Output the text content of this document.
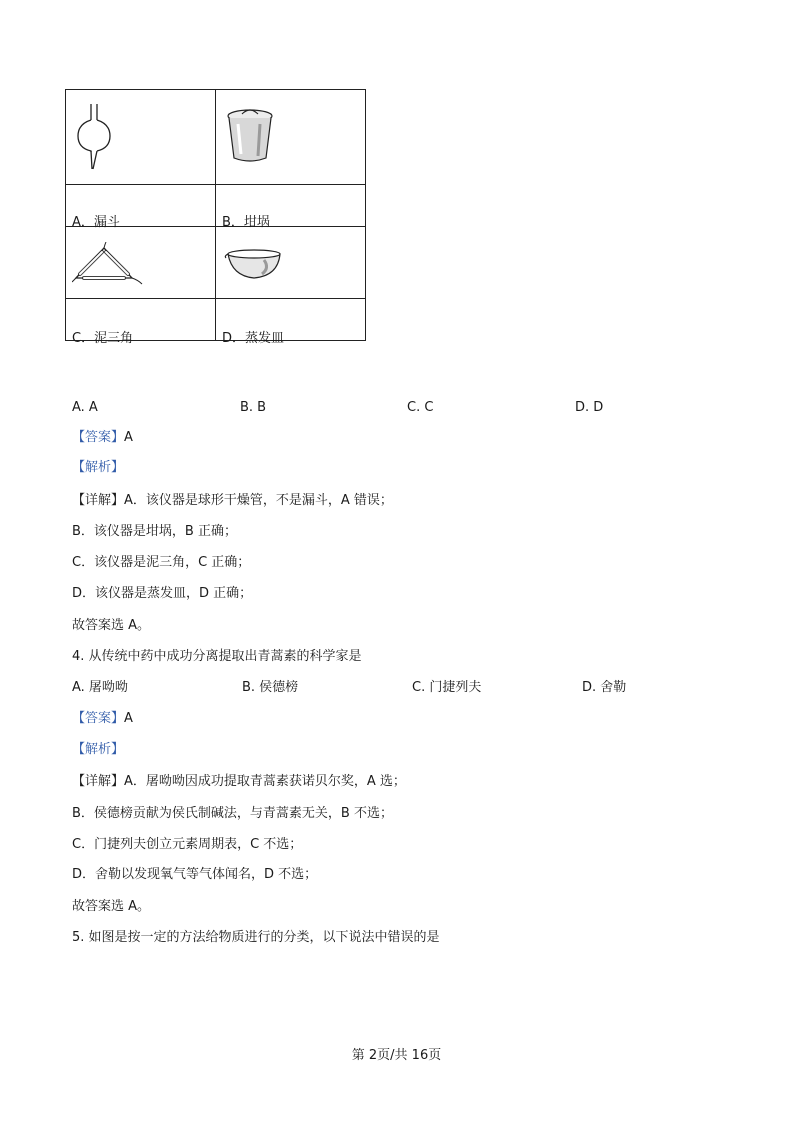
A．漏斗	B．坩埚
C．泥三角	D．蒸发皿
A. A	B. B	C. C	D. D
【答案】A
【解析】
【详解】A．该仪器是球形干燥管，不是漏斗，A 错误；
B．该仪器是坩埚，B 正确；
C．该仪器是泥三角，C 正确；
D．该仪器是蒸发皿，D 正确；
故答案选 A。
4. 从传统中药中成功分离提取出青蒿素的科学家是
A. 屠呦呦	B. 侯德榜	C. 门捷列夫	D. 舍勒
【答案】A
【解析】
【详解】A．屠呦呦因成功提取青蒿素获诺贝尔奖，A 选；
B．侯德榜贡献为侯氏制碱法，与青蒿素无关，B 不选；
C．门捷列夫创立元素周期表，C 不选；
D．舍勒以发现氧气等气体闻名，D 不选；
故答案选 A。
5. 如图是按一定的方法给物质进行的分类，以下说法中错误的是
第 2页/共 16页
